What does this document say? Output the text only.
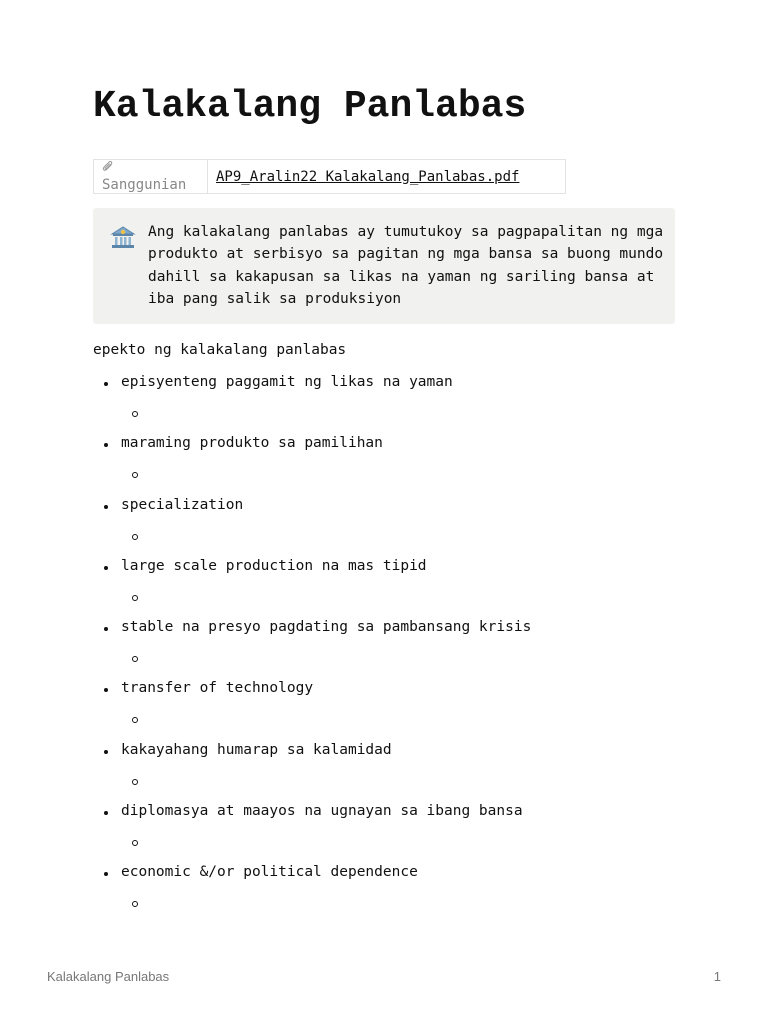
Kalakalang Panlabas
Sanggunian	AP9_Aralin22 Kalakalang_Panlabas.pdf

Ang kalakalang panlabas ay tumutukoy sa pagpapalitan ng mga produkto at serbisyo sa pagitan ng mga bansa sa buong mundo dahill sa kakapusan sa likas na yaman ng sariling bansa at iba pang salik sa produksiyon

epekto ng kalakalang panlabas

episyenteng paggamit ng likas na yaman
maraming produkto sa pamilihan
specialization
large scale production na mas tipid
stable na presyo pagdating sa pambansang krisis
transfer of technology
kakayahang humarap sa kalamidad
diplomasya at maayos na ugnayan sa ibang bansa
economic &/or political dependence
Kalakalang Panlabas	1
